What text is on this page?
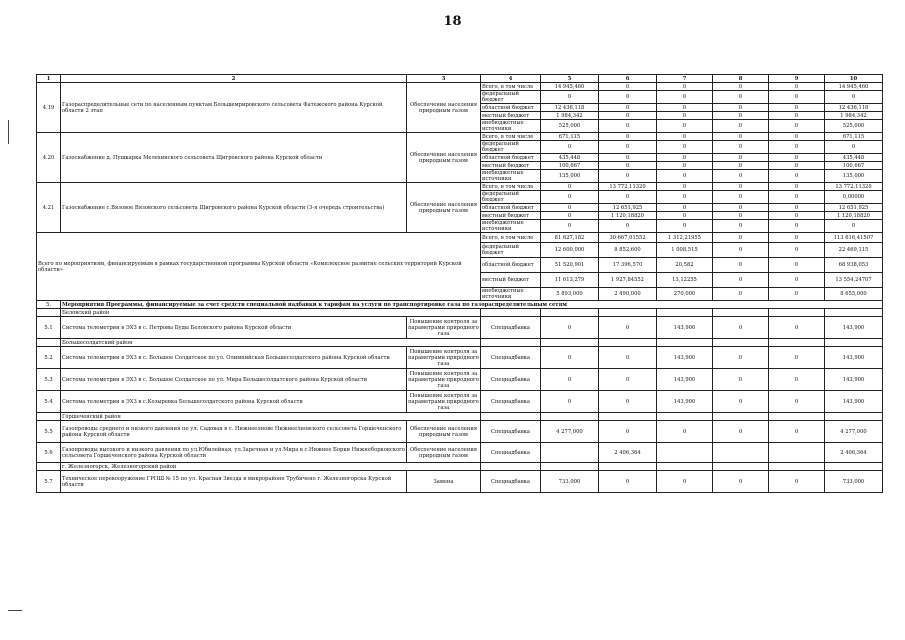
18
1	2	3	4	5	6	7	8	9	10
4.19	Газораспределительные сети по населенным пунктам Большемрировского сельсовета Фатежского района Курской области 2 этап	Обеспечение населения природным газом	Всего, в том числе	14 945,460	0	0	0	0	14 945,460
			федеральный бюджет	0	0	0	0	0	0
			областной бюджет	12 436,118	0	0	0	0	12 436,118
			местный бюджет	1 984,342	0	0	0	0	1 984,342
			внебюджетные источники	525,000	0	0	0	0	525,000
4.20	Газоснабжение д. Пушкарка Мелехинского сельсовета Щигровского района Курской области	Обеспечение населения природным газом	Всего, в том числе	671,115	0	0	0	0	671,115
			федеральный бюджет	0	0	0	0	0	0
			областной бюджет	435,448	0	0	0	0	435,448
			местный бюджет	100,667	0	0	0	0	100,667
			внебюджетные источники	135,000	0	0	0	0	135,000
4.21	Газоснабжение с.Вязовое Вязовского сельсовета Щигровского района Курской области (3-я очередь строительства)	Обеспечение населения природным газом	Всего, в том числе	0	13 772,11320	0	0	0	13 772,11320
			федеральный бюджет	0	0	0	0	0	0,00000
			областной бюджет	0	12 651,925	0	0	0	12 651,925
			местный бюджет	0	1 120,18820	0	0	0	1 120,18820
			внебюджетные источники	0	0	0	0	0	0
Всего по мероприятиям, финансируемым в рамках государственной программы Курской области «Комплексное развитие сельских территорий Курской области»			Всего, в том числе	81 627,182	30 667,01552	1 312,21955	0	0	113 616,41507
			федеральный бюджет	12 600,000	8 852,600	1 008,515	0	0	22 469,115
			областной бюджет	51 520,901	17 396,570	20,582	0	0	68 938,053
			местный бюджет	11 613,279	1 927,84552	13,12255	0	0	13 554,24707
			внебюджетные источники	5 893,000	2 490,000	270,000	0	0	8 655,000
5.	Мероприятия Программы, финансируемые за счет средств специальной надбавки к тарифам на услуги по транспортировке газа по газораспределительным сетям								
	Беловский район								
5.1	Система телеметрии в ЭХЗ в с. Петровы Буды Беловского района Курской области	Повышение контроля за параметрами природного газа	Спецнадбавка	0	0	143,900	0	0	143,900
	Большесолдатский район								
5.2	Система телеметрии в ЭХЗ в с. Большое Солдатское по ул. Олимпийская Большесолдатского района Курской области	Повышение контроля за параметрами природного газа	Спецнадбавка	0	0	143,900	0	0	143,900
5.3	Система телеметрии в ЭХЗ в с. Большое Солдатское по ул. Мира Большесолдатского района Курской области	Повышение контроля за параметрами природного газа	Спецнадбавка	0	0	143,900	0	0	143,900
5.4	Система телеметрии в ЭХЗ в с.Козыревка Большесолдатского района Курской области	Повышение контроля за параметрами природного газа	Спецнадбавка	0	0	143,900	0	0	143,900
	Горшеченский район								
5.5	Газопроводы среднего и низкого давления по ул. Садовая в с. Нижнеелнове Нижнеелновского сельсовета Горшеченского района Курской области	Обеспечение населения природным газом	Спецнадбавка	4 277,000	0	0	0	0	4 277,000
5.6	Газопроводы высокого и низкого давления по ул.Юбилейная, ул.Заречная и ул.Мира в с.Нижнее Борки Нижнеборковского сельсовета Горшеченского района Курской области	Обеспечение населения природным газом	Спецнадбавка		2 406,364				2 406,364
	г. Железногорск, Железногорский район								
5.7	Техническое перевооружение ГРПШ № 15 по ул. Красная Звезда в микрорайоне Трубичено г. Железногорска Курской области	Замена	Спецнадбавка	733,000	0	0	0	0	733,000
